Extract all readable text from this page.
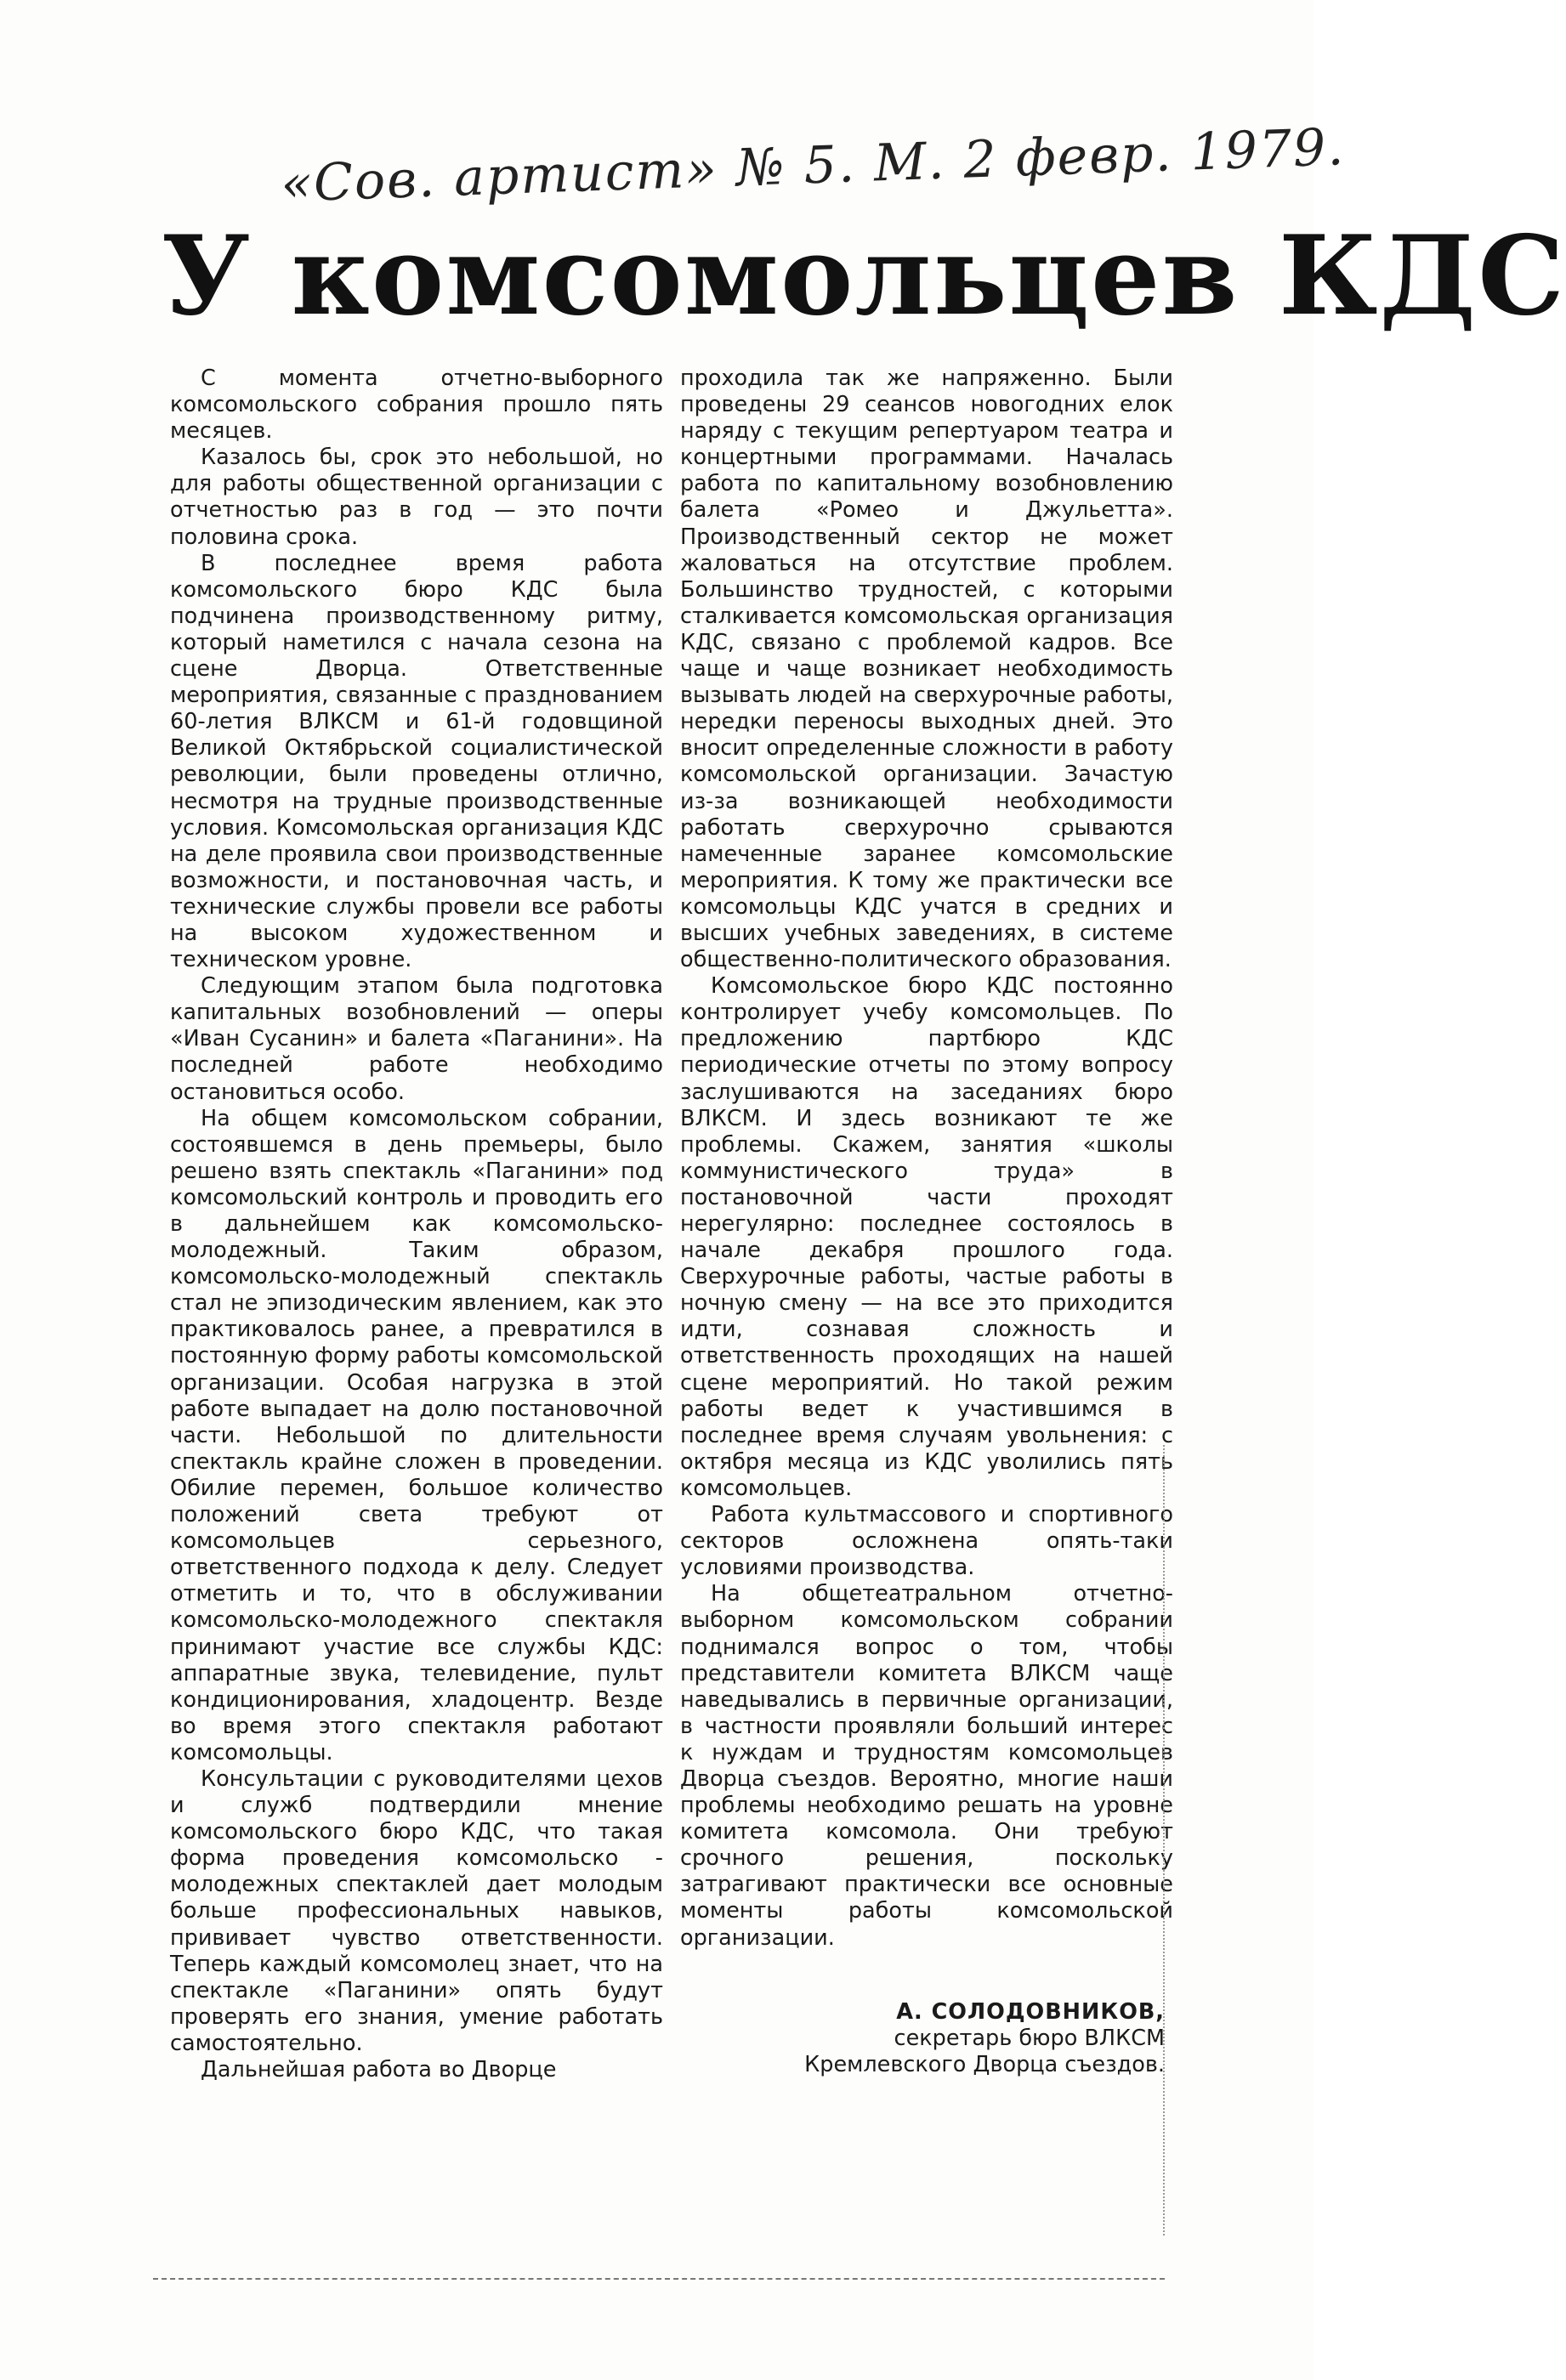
«Сов. артист» № 5. М. 2 февр. 1979.
У комсомольцев КДС

С момента отчетно-выборного комсомольского собрания прошло пять месяцев.

Казалось бы, срок это небольшой, но для работы общественной организации с отчетностью раз в год — это почти половина срока.

В последнее время работа комсомольского бюро КДС была подчинена производственному ритму, который наметился с начала сезона на сцене Дворца. Ответственные мероприятия, связанные с празднованием 60-летия ВЛКСМ и 61-й годовщиной Великой Октябрьской социалистической революции, были проведены отлично, несмотря на трудные производственные условия. Комсомольская организация КДС на деле проявила свои производственные возможности, и постановочная часть, и технические службы провели все работы на высоком художественном и техническом уровне.

Следующим этапом была подготовка капитальных возобновлений — оперы «Иван Сусанин» и балета «Паганини». На последней работе необходимо остановиться особо.

На общем комсомольском собрании, состоявшемся в день премьеры, было решено взять спектакль «Паганини» под комсомольский контроль и проводить его в дальнейшем как комсомольско-молодежный. Таким образом, комсомольско-молодежный спектакль стал не эпизодическим явлением, как это практиковалось ранее, а превратился в постоянную форму работы комсомольской организации. Особая нагрузка в этой работе выпадает на долю постановочной части. Небольшой по длительности спектакль крайне сложен в проведении. Обилие перемен, большое количество положений света требуют от комсомольцев серьезного, ответственного подхода к делу. Следует отметить и то, что в обслуживании комсомольско-молодежного спектакля принимают участие все службы КДС: аппаратные звука, телевидение, пульт кондиционирования, хладоцентр. Везде во время этого спектакля работают комсомольцы.

Консультации с руководителями цехов и служб подтвердили мнение комсомольского бюро КДС, что такая форма проведения комсомольско - молодежных спектаклей дает молодым больше профессиональных навыков, прививает чувство ответственности. Теперь каждый комсомолец знает, что на спектакле «Паганини» опять будут проверять его знания, умение работать самостоятельно.

Дальнейшая работа во Дворце

проходила так же напряженно. Были проведены 29 сеансов новогодних елок наряду с текущим репертуаром театра и концертными программами. Началась работа по капитальному возобновлению балета «Ромео и Джульетта». Производственный сектор не может жаловаться на отсутствие проблем. Большинство трудностей, с которыми сталкивается комсомольская организация КДС, связано с проблемой кадров. Все чаще и чаще возникает необходимость вызывать людей на сверхурочные работы, нередки переносы выходных дней. Это вносит определенные сложности в работу комсомольской организации. Зачастую из-за возникающей необходимости работать сверхурочно срываются намеченные заранее комсомольские мероприятия. К тому же практически все комсомольцы КДС учатся в средних и высших учебных заведениях, в системе общественно-политического образования.

Комсомольское бюро КДС постоянно контролирует учебу комсомольцев. По предложению партбюро КДС периодические отчеты по этому вопросу заслушиваются на заседаниях бюро ВЛКСМ. И здесь возникают те же проблемы. Скажем, занятия «школы коммунистического труда» в постановочной части проходят нерегулярно: последнее состоялось в начале декабря прошлого года. Сверхурочные работы, частые работы в ночную смену — на все это приходится идти, сознавая сложность и ответственность проходящих на нашей сцене мероприятий. Но такой режим работы ведет к участившимся в последнее время случаям увольнения: с октября месяца из КДС уволились пять комсомольцев.

Работа культмассового и спортивного секторов осложнена опять-таки условиями производства.

На общетеатральном отчетно-выборном комсомольском собрании поднимался вопрос о том, чтобы представители комитета ВЛКСМ чаще наведывались в первичные организации, в частности проявляли больший интерес к нуждам и трудностям комсомольцев Дворца съездов. Вероятно, многие наши проблемы необходимо решать на уровне комитета комсомола. Они требуют срочного решения, поскольку затрагивают практически все основные моменты работы комсомольской организации.

А. СОЛОДОВНИКОВ,
секретарь бюро ВЛКСМ
Кремлевского Дворца съездов.
